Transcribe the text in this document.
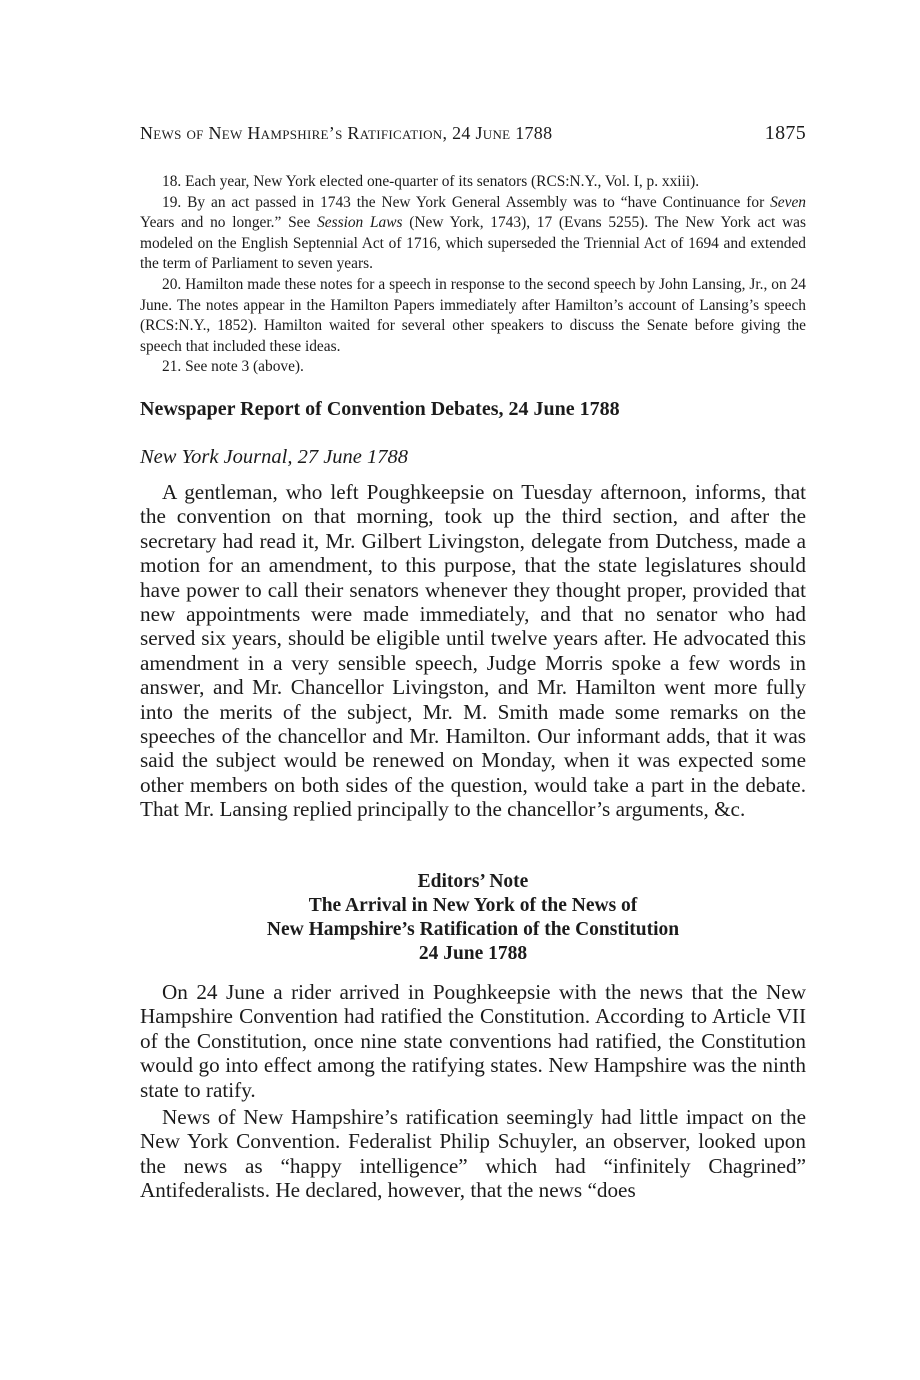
News of New Hampshire’s Ratification, 24 June 1788	1875

18. Each year, New York elected one-quarter of its senators (RCS:N.Y., Vol. I, p. xxiii).

19. By an act passed in 1743 the New York General Assembly was to “have Continuance for Seven Years and no longer.” See Session Laws (New York, 1743), 17 (Evans 5255). The New York act was modeled on the English Septennial Act of 1716, which superseded the Triennial Act of 1694 and extended the term of Parliament to seven years.

20. Hamilton made these notes for a speech in response to the second speech by John Lansing, Jr., on 24 June. The notes appear in the Hamilton Papers immediately after Hamilton’s account of Lansing’s speech (RCS:N.Y., 1852). Hamilton waited for several other speakers to discuss the Senate before giving the speech that included these ideas.

21. See note 3 (above).

Newspaper Report of Convention Debates, 24 June 1788
New York Journal, 27 June 1788

A gentleman, who left Poughkeepsie on Tuesday afternoon, informs, that the convention on that morning, took up the third section, and after the secretary had read it, Mr. Gilbert Livingston, delegate from Dutchess, made a motion for an amendment, to this purpose, that the state legislatures should have power to call their senators whenever they thought proper, provided that new appointments were made immediately, and that no senator who had served six years, should be eligible until twelve years after. He advocated this amendment in a very sensible speech, Judge Morris spoke a few words in answer, and Mr. Chancellor Livingston, and Mr. Hamilton went more fully into the merits of the subject, Mr. M. Smith made some remarks on the speeches of the chancellor and Mr. Hamilton. Our informant adds, that it was said the subject would be renewed on Monday, when it was expected some other members on both sides of the question, would take a part in the debate. That Mr. Lansing replied principally to the chancellor’s arguments, &c.

Editors’ Note
The Arrival in New York of the News of
New Hampshire’s Ratification of the Constitution
24 June 1788

On 24 June a rider arrived in Poughkeepsie with the news that the New Hampshire Convention had ratified the Constitution. According to Article VII of the Constitution, once nine state conventions had ratified, the Constitution would go into effect among the ratifying states. New Hampshire was the ninth state to ratify.

News of New Hampshire’s ratification seemingly had little impact on the New York Convention. Federalist Philip Schuyler, an observer, looked upon the news as “happy intelligence” which had “infinitely Chagrined” Antifederalists. He declared, however, that the news “does
